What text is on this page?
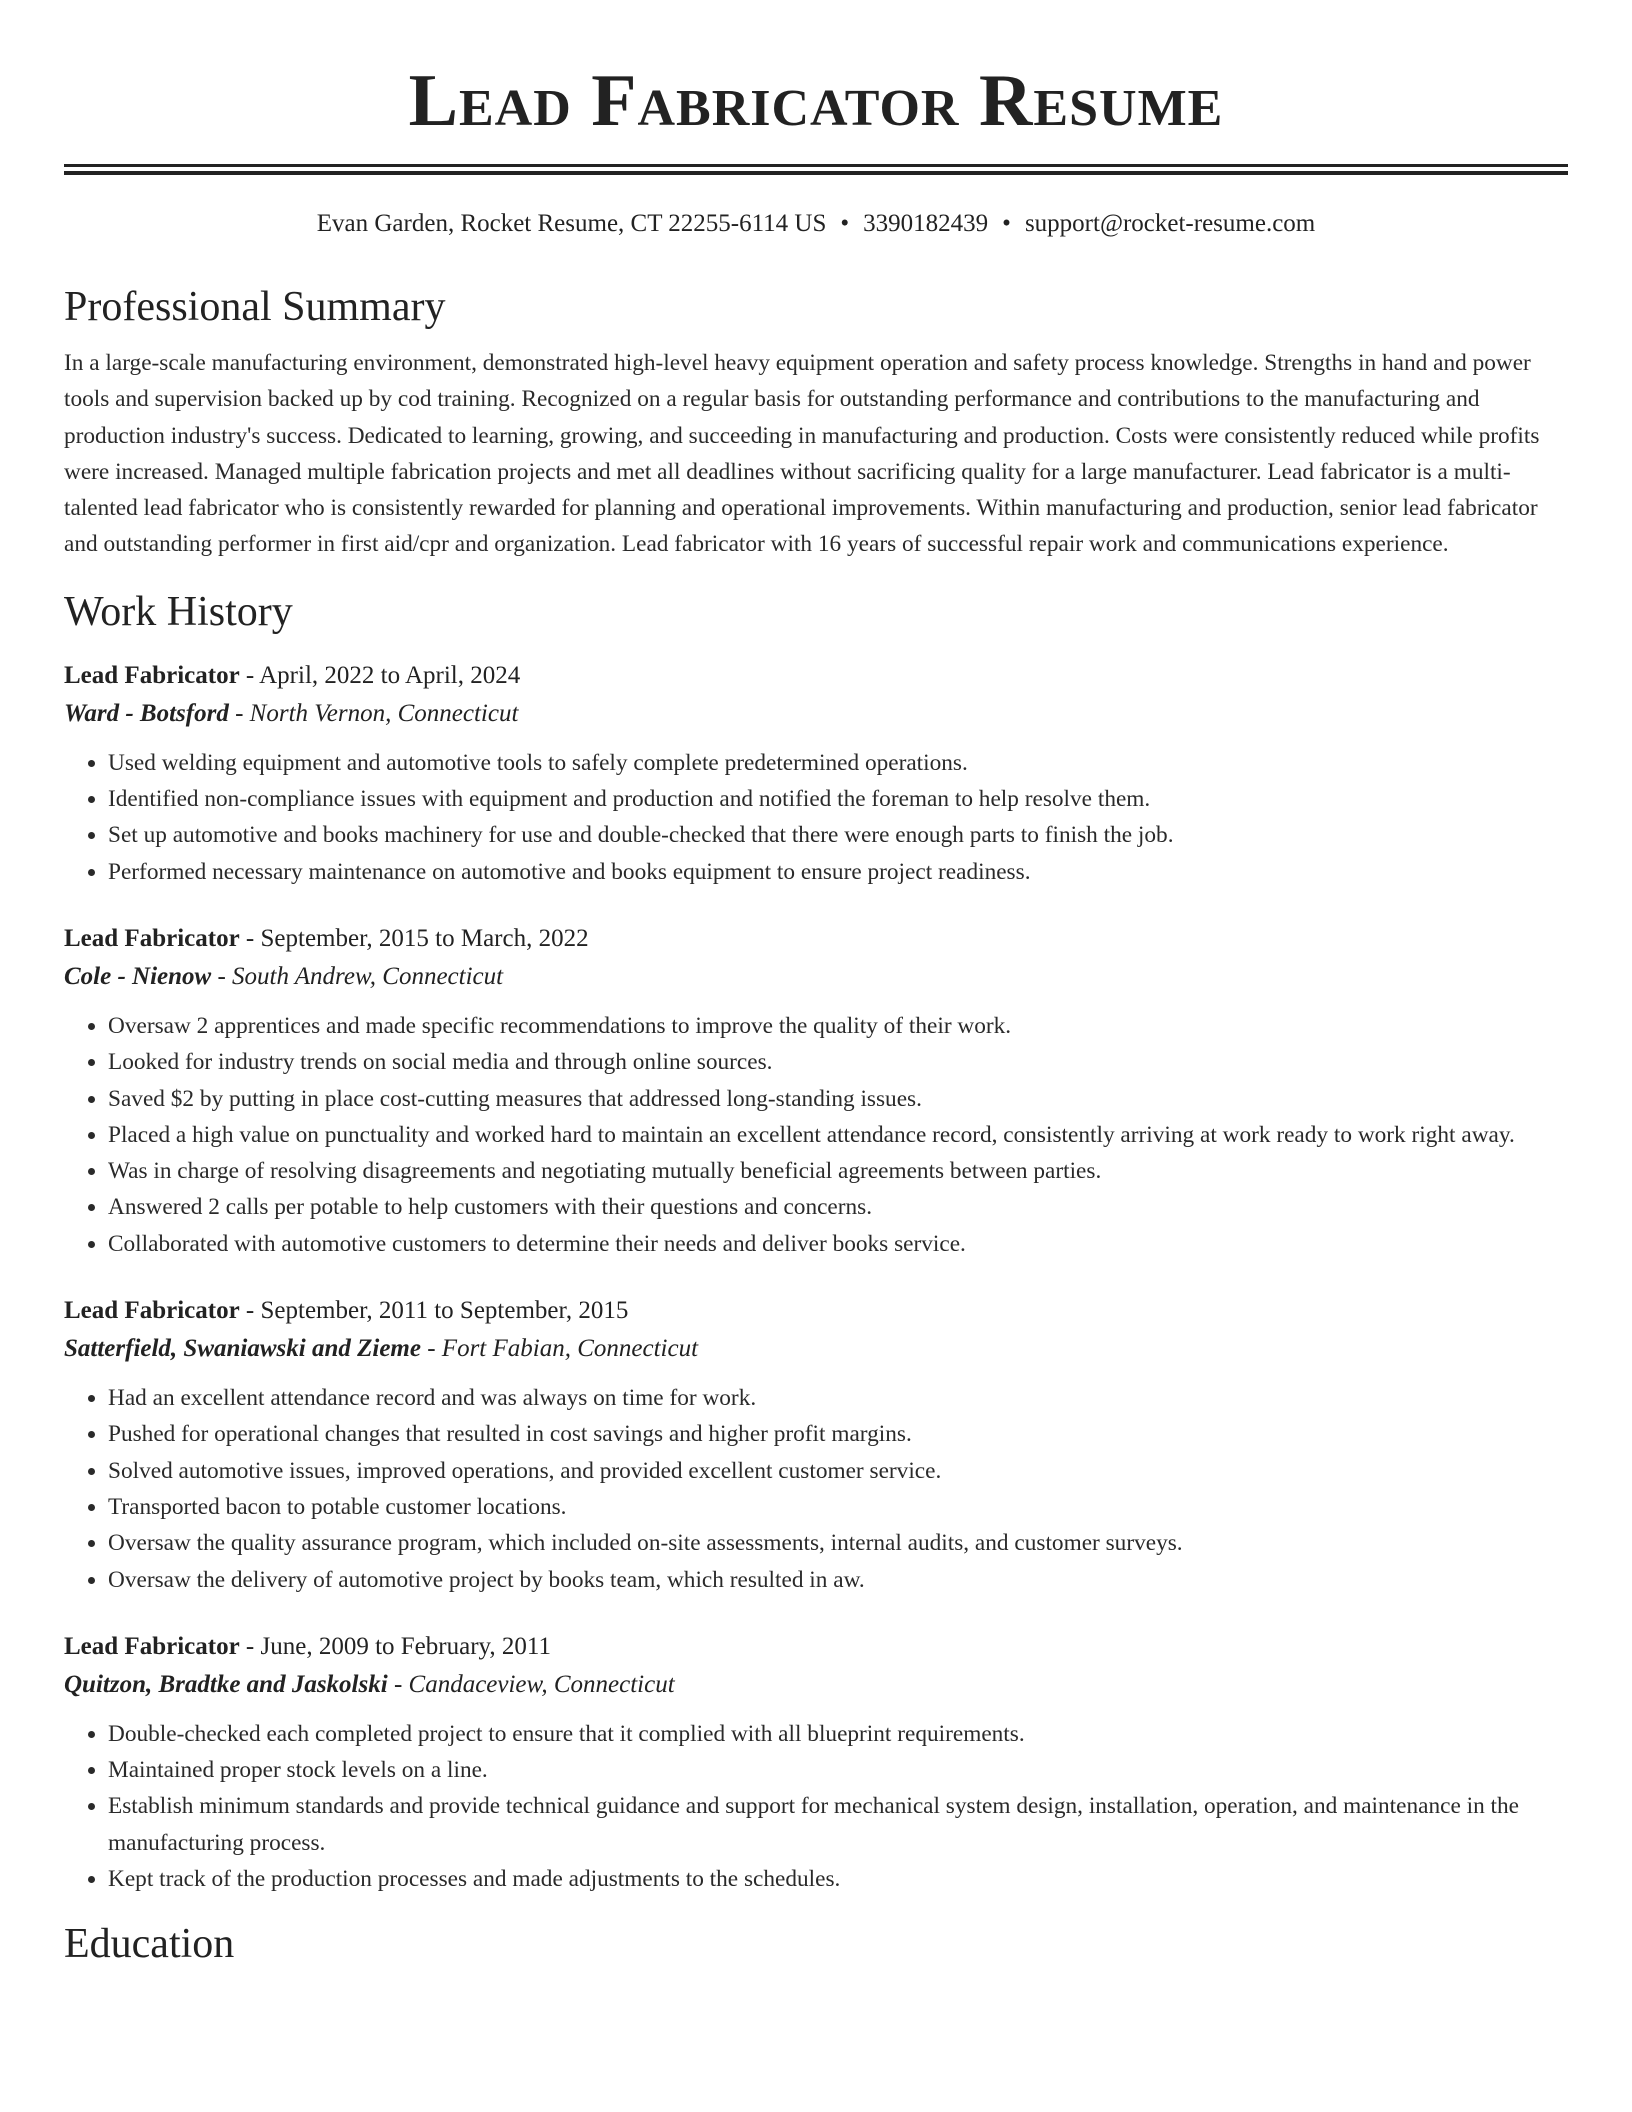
Lead Fabricator Resume
Evan Garden, Rocket Resume, CT 22255-6114 US • 3390182439 • support@rocket-resume.com
Professional Summary

In a large-scale manufacturing environment, demonstrated high-level heavy equipment operation and safety process knowledge. Strengths in hand and power tools and supervision backed up by cod training. Recognized on a regular basis for outstanding performance and contributions to the manufacturing and production industry's success. Dedicated to learning, growing, and succeeding in manufacturing and production. Costs were consistently reduced while profits were increased. Managed multiple fabrication projects and met all deadlines without sacrificing quality for a large manufacturer. Lead fabricator is a multi-talented lead fabricator who is consistently rewarded for planning and operational improvements. Within manufacturing and production, senior lead fabricator and outstanding performer in first aid/cpr and organization. Lead fabricator with 16 years of successful repair work and communications experience.

Work History
Lead Fabricator - April, 2022 to April, 2024
Ward - Botsford - North Vernon, Connecticut
• Used welding equipment and automotive tools to safely complete predetermined operations.
• Identified non-compliance issues with equipment and production and notified the foreman to help resolve them.
• Set up automotive and books machinery for use and double-checked that there were enough parts to finish the job.
• Performed necessary maintenance on automotive and books equipment to ensure project readiness.
Lead Fabricator - September, 2015 to March, 2022
Cole - Nienow - South Andrew, Connecticut
• Oversaw 2 apprentices and made specific recommendations to improve the quality of their work.
• Looked for industry trends on social media and through online sources.
• Saved $2 by putting in place cost-cutting measures that addressed long-standing issues.
• Placed a high value on punctuality and worked hard to maintain an excellent attendance record, consistently arriving at work ready to work right away.
• Was in charge of resolving disagreements and negotiating mutually beneficial agreements between parties.
• Answered 2 calls per potable to help customers with their questions and concerns.
• Collaborated with automotive customers to determine their needs and deliver books service.
Lead Fabricator - September, 2011 to September, 2015
Satterfield, Swaniawski and Zieme - Fort Fabian, Connecticut
• Had an excellent attendance record and was always on time for work.
• Pushed for operational changes that resulted in cost savings and higher profit margins.
• Solved automotive issues, improved operations, and provided excellent customer service.
• Transported bacon to potable customer locations.
• Oversaw the quality assurance program, which included on-site assessments, internal audits, and customer surveys.
• Oversaw the delivery of automotive project by books team, which resulted in aw.
Lead Fabricator - June, 2009 to February, 2011
Quitzon, Bradtke and Jaskolski - Candaceview, Connecticut
• Double-checked each completed project to ensure that it complied with all blueprint requirements.
• Maintained proper stock levels on a line.
• Establish minimum standards and provide technical guidance and support for mechanical system design, installation, operation, and maintenance in the manufacturing process.
• Kept track of the production processes and made adjustments to the schedules.
Education
